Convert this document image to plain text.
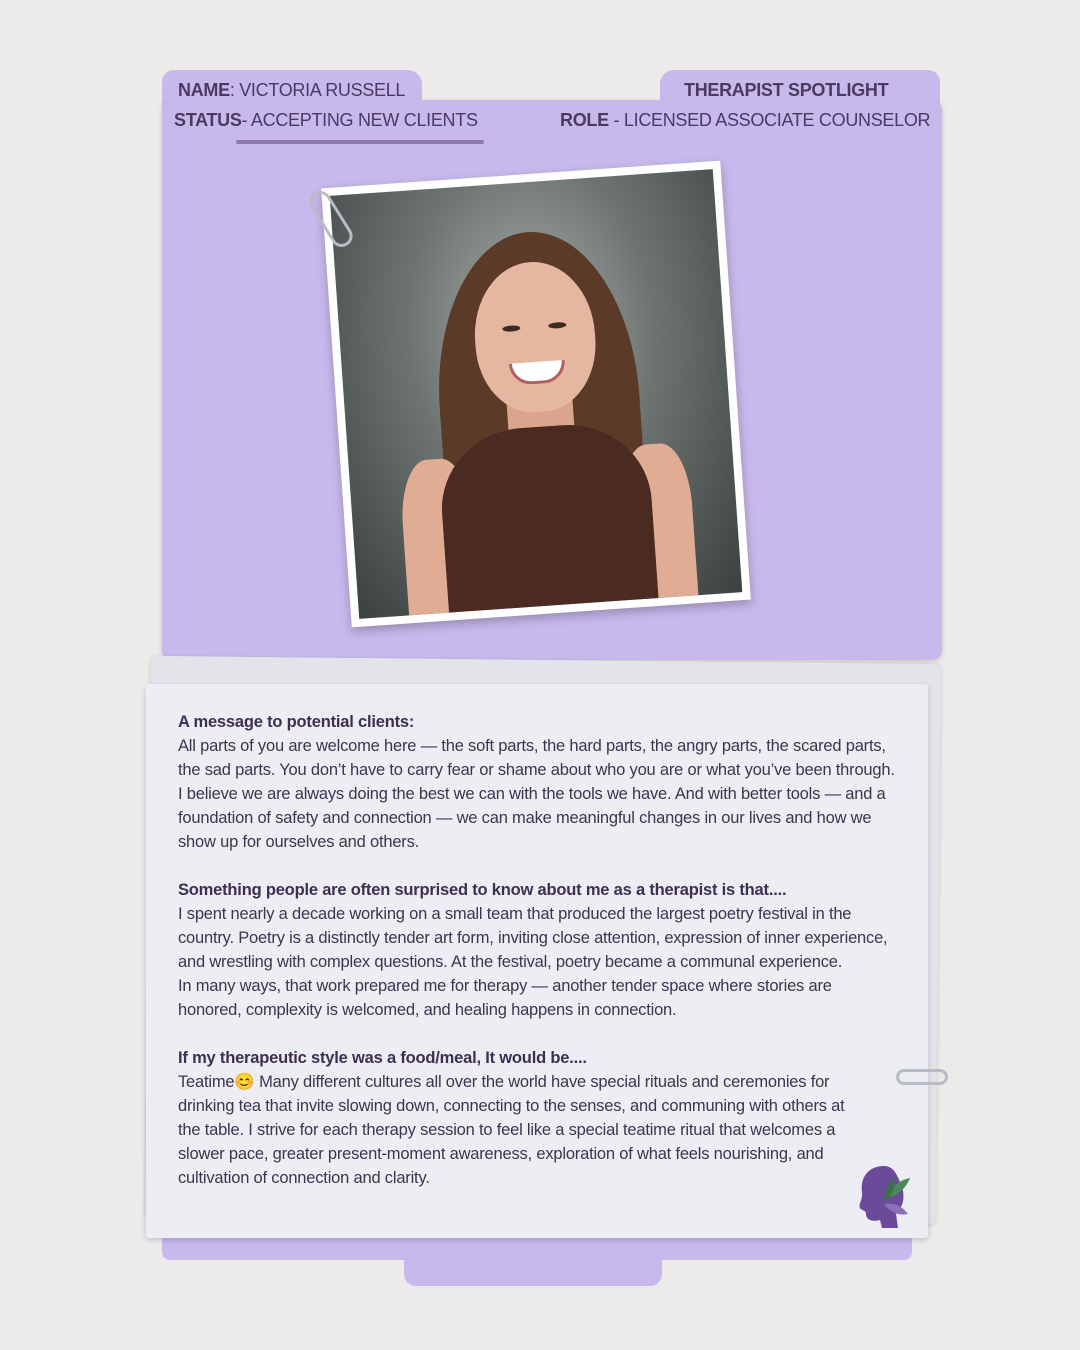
NAME: VICTORIA RUSSELL	THERAPIST SPOTLIGHT
STATUS- ACCEPTING NEW CLIENTS	ROLE - LICENSED ASSOCIATE COUNSELOR
A message to potential clients:

All parts of you are welcome here — the soft parts, the hard parts, the angry parts, the scared parts, the sad parts. You don’t have to carry fear or shame about who you are or what you’ve been through. I believe we are always doing the best we can with the tools we have. And with better tools — and a foundation of safety and connection — we can make meaningful changes in our lives and how we show up for ourselves and others.

Something people are often surprised to know about me as a therapist is that....

I spent nearly a decade working on a small team that produced the largest poetry festival in the country. Poetry is a distinctly tender art form, inviting close attention, expression of inner experience, and wrestling with complex questions. At the festival, poetry became a communal experience.

In many ways, that work prepared me for therapy — another tender space where stories are honored, complexity is welcomed, and healing happens in connection.

If my therapeutic style was a food/meal, It would be....

Teatime😊 Many different cultures all over the world have special rituals and ceremonies for drinking tea that invite slowing down, connecting to the senses, and communing with others at the table. I strive for each therapy session to feel like a special teatime ritual that welcomes a slower pace, greater present-moment awareness, exploration of what feels nourishing, and cultivation of connection and clarity.
